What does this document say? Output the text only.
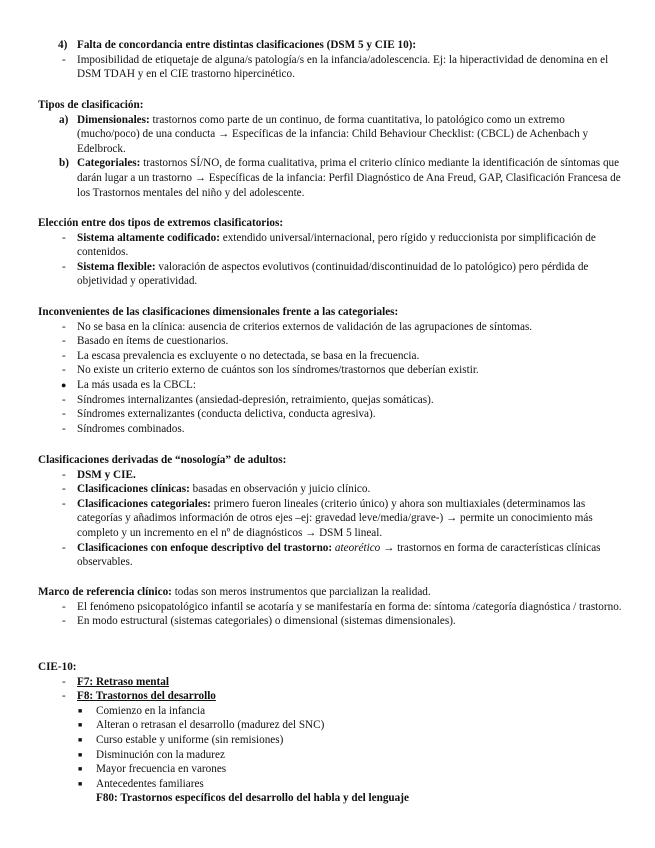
4) Falta de concordancia entre distintas clasificaciones (DSM 5 y CIE 10):
- Imposibilidad de etiquetaje de alguna/s patología/s en la infancia/adolescencia. Ej: la hiperactividad de denomina en el DSM TDAH y en el CIE trastorno hipercinético.
Tipos de clasificación:
a) Dimensionales: trastornos como parte de un continuo, de forma cuantitativa, lo patológico como un extremo (mucho/poco) de una conducta → Específicas de la infancia: Child Behaviour Checklist: (CBCL) de Achenbach y Edelbrock.
b) Categoriales: trastornos SÍ/NO, de forma cualitativa, prima el criterio clínico mediante la identificación de síntomas que darán lugar a un trastorno → Específicas de la infancia: Perfil Diagnóstico de Ana Freud, GAP, Clasificación Francesa de los Trastornos mentales del niño y del adolescente.
Elección entre dos tipos de extremos clasificatorios:
- Sistema altamente codificado: extendido universal/internacional, pero rígido y reduccionista por simplificación de contenidos.
- Sistema flexible: valoración de aspectos evolutivos (continuidad/discontinuidad de lo patológico) pero pérdida de objetividad y operatividad.
Inconvenientes de las clasificaciones dimensionales frente a las categoriales:
- No se basa en la clínica: ausencia de criterios externos de validación de las agrupaciones de síntomas.
- Basado en ítems de cuestionarios.
- La escasa prevalencia es excluyente o no detectada, se basa en la frecuencia.
- No existe un criterio externo de cuántos son los síndromes/trastornos que deberían existir.
● La más usada es la CBCL:
- Síndromes internalizantes (ansiedad-depresión, retraimiento, quejas somáticas).
- Síndromes externalizantes (conducta delictiva, conducta agresiva).
- Síndromes combinados.
Clasificaciones derivadas de “nosología” de adultos:
- DSM y CIE.
- Clasificaciones clínicas: basadas en observación y juicio clínico.
- Clasificaciones categoriales: primero fueron lineales (criterio único) y ahora son multiaxiales (determinamos las categorías y añadimos información de otros ejes –ej: gravedad leve/media/grave-) → permite un conocimiento más completo y un incremento en el nº de diagnósticos → DSM 5 lineal.
- Clasificaciones con enfoque descriptivo del trastorno: ateorético → trastornos en forma de características clínicas observables.
Marco de referencia clínico: todas son meros instrumentos que parcializan la realidad.
- El fenómeno psicopatológico infantil se acotaría y se manifestaría en forma de: síntoma /categoría diagnóstica / trastorno.
- En modo estructural (sistemas categoriales) o dimensional (sistemas dimensionales).
CIE-10:
- F7: Retraso mental
- F8: Trastornos del desarrollo
■ Comienzo en la infancia
■ Alteran o retrasan el desarrollo (madurez del SNC)
■ Curso estable y uniforme (sin remisiones)
■ Disminución con la madurez
■ Mayor frecuencia en varones
■ Antecedentes familiares
F80: Trastornos específicos del desarrollo del habla y del lenguaje
